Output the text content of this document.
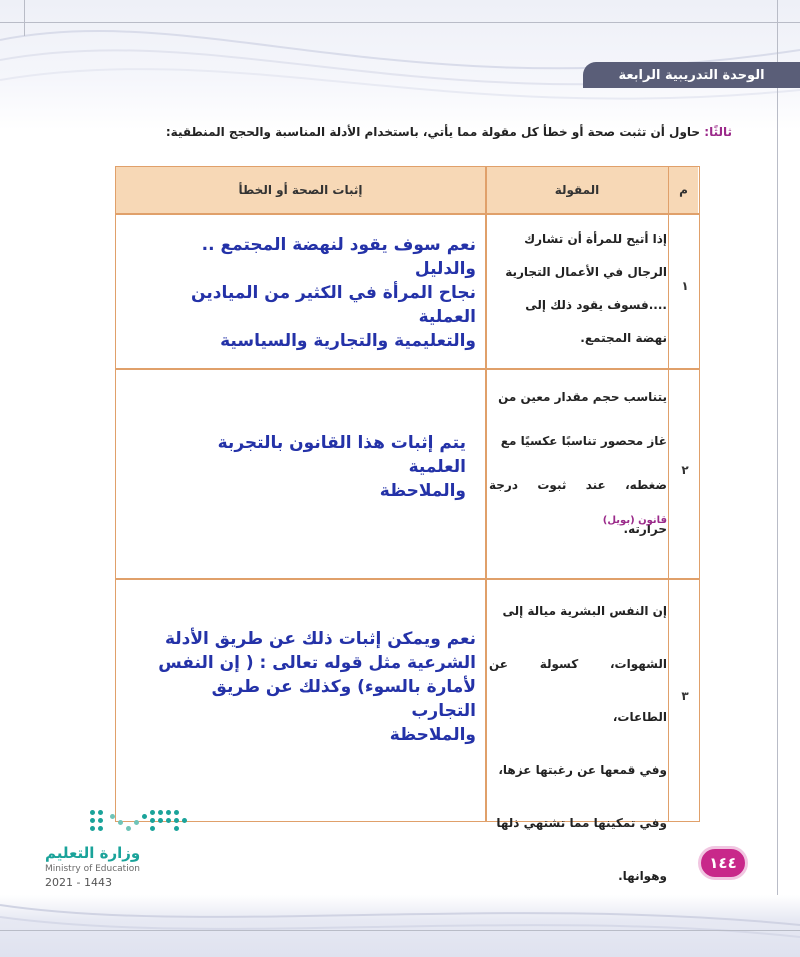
الوحدة التدريبية الرابعة
ثالثًا: حاول أن تثبت صحة أو خطأ كل مقولة مما يأتي، باستخدام الأدلة المناسبة والحجج المنطقية:
إثبات الصحة أو الخطأ	المقولة	م
١

إذا أتيح للمرأة أن تشارك

الرجال في الأعمال التجارية

....فسوف يقود ذلك إلى

نهضة المجتمع.

نعم سوف يقود لنهضة المجتمع .. والدليل
نجاح المرأة في الكثير من الميادين العملية
والتعليمية والتجارية والسياسية
٢

يتناسب حجم مقدار معين من

غاز محصور تناسبًا عكسيًا مع

ضغطه، عند ثبوت درجة حرارته.

قانون (بويل)
يتم إثبات هذا القانون بالتجربة العلمية
والملاحظة
٣

إن النفس البشرية ميالة إلى

الشهوات، كسولة عن الطاعات،

وفي قمعها عن رغبتها عزها،

وفي تمكينها مما تشتهي ذلها

وهوانها.

نعم ويمكن إثبات ذلك عن طريق الأدلة
الشرعية مثل قوله تعالى : ( إن النفس
لأمارة بالسوء) وكذلك عن طريق التجارب
والملاحظة
وزارة التعليم
Ministry of Education
2021 - 1443
١٤٤
